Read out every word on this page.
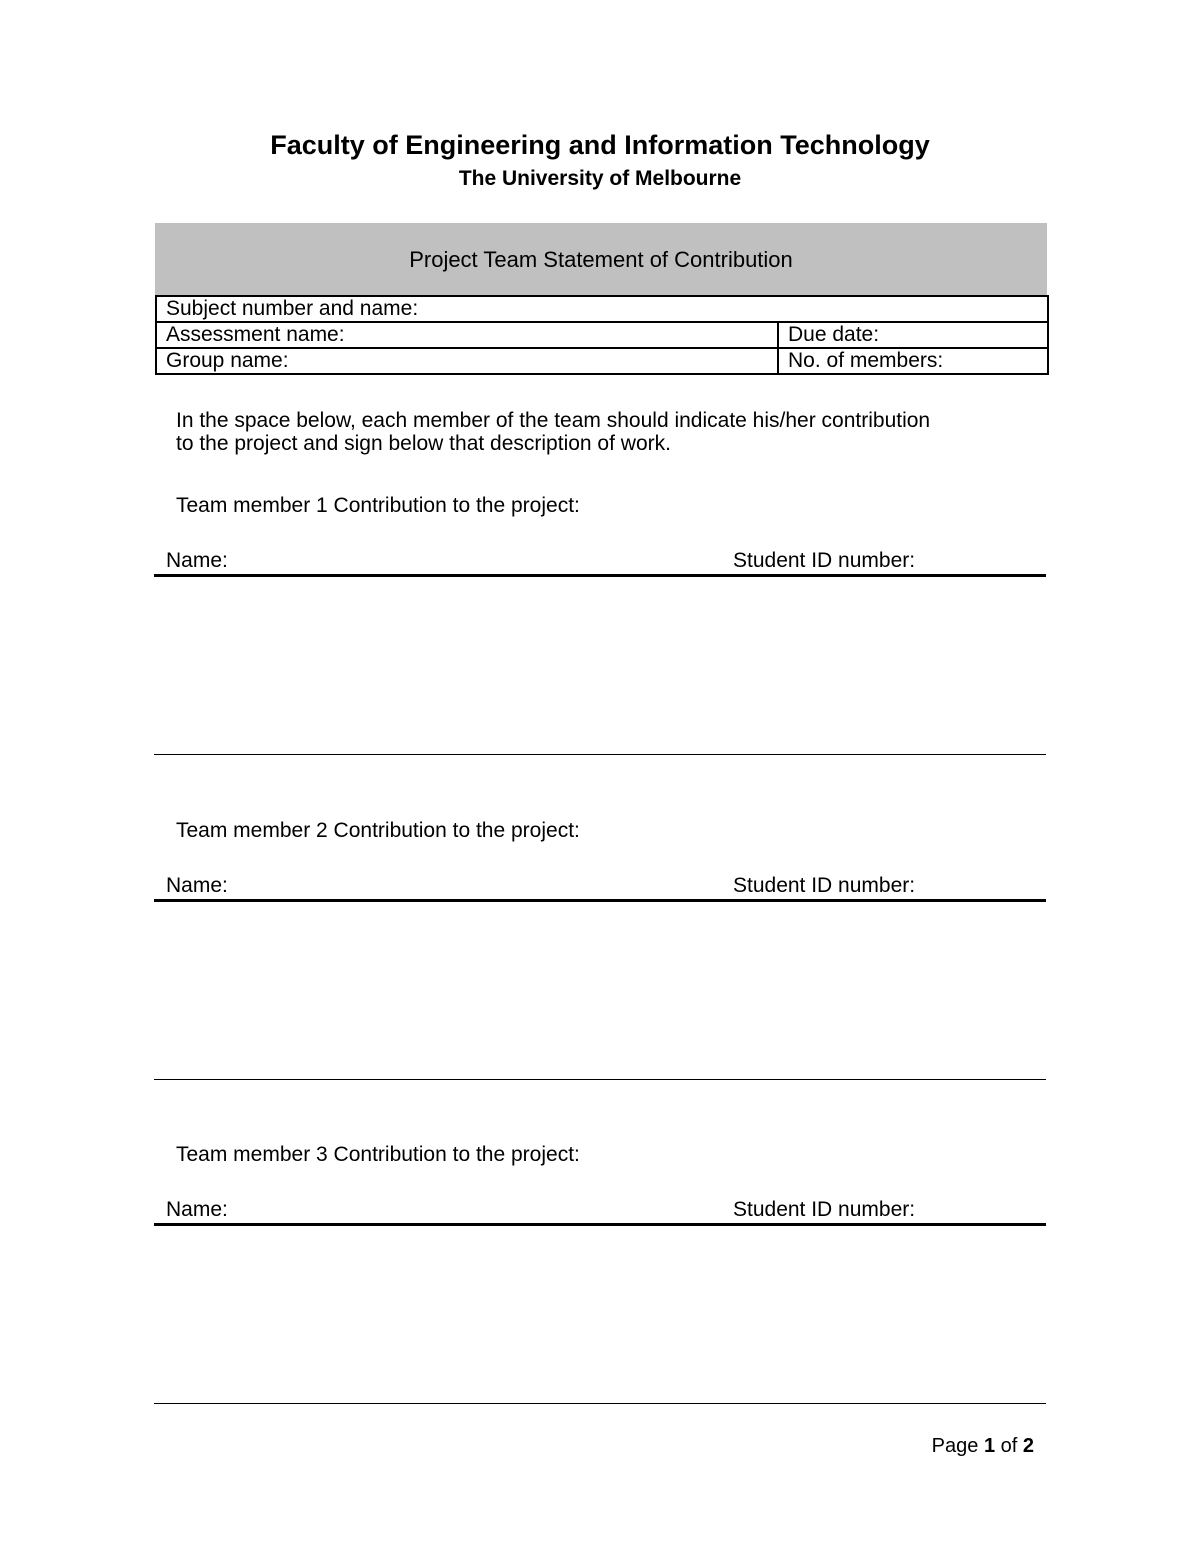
Faculty of Engineering and Information Technology
The University of Melbourne
Project Team Statement of Contribution
Subject number and name:	
Assessment name:	Due date:
Group name:	No. of members:
In the space below, each member of the team should indicate his/her contribution
to the project and sign below that description of work.
Team member 1 Contribution to the project:
Name:	Student ID number:
Team member 2 Contribution to the project:
Name:	Student ID number:
Team member 3 Contribution to the project:
Name:	Student ID number:
Page 1 of 2
